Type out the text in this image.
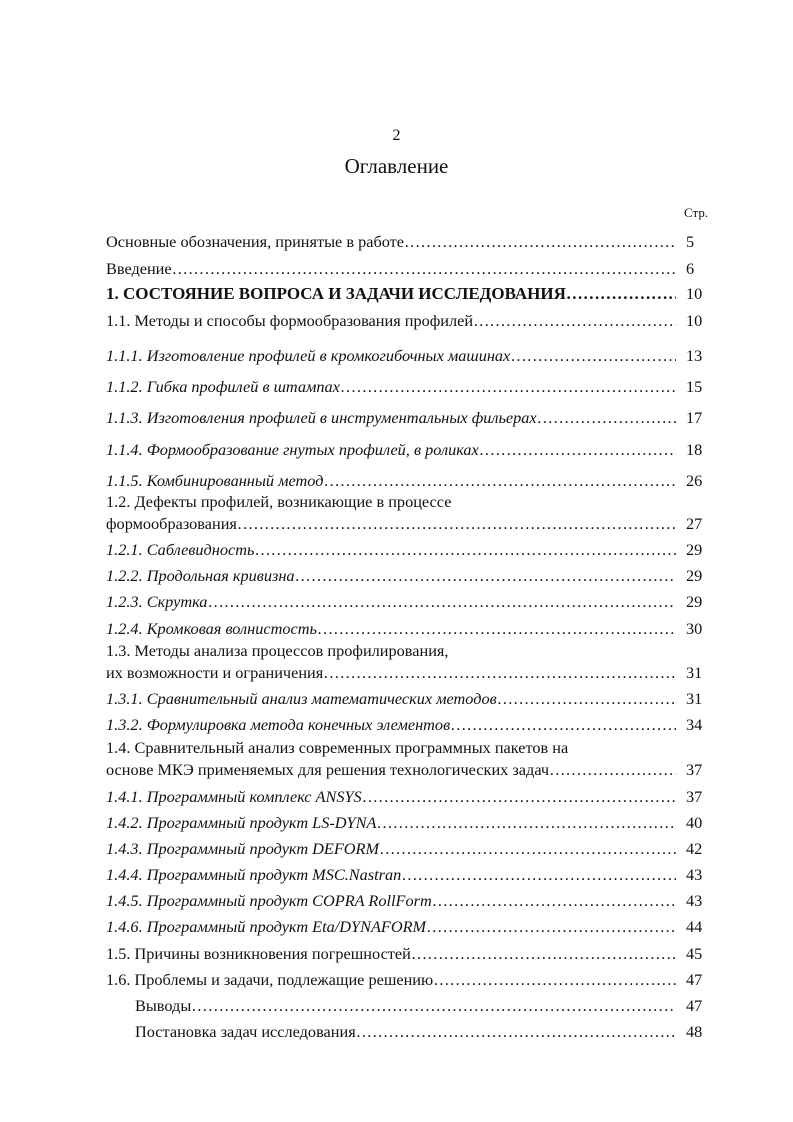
2
Оглавление
Стр.
Основные обозначения, принятые в работе ……………………………………………………………………………………………………………………………………………………………………………	5
Введение ……………………………………………………………………………………………………………………………………………………………………………	6
1. СОСТОЯНИЕ ВОПРОСА И ЗАДАЧИ ИССЛЕДОВАНИЯ ……………………………………………………………………………………………………………………………………………………………………………	10
1.1. Методы и способы формообразования профилей ……………………………………………………………………………………………………………………………………………………………………………	10
1.1.1. Изготовление профилей в кромкогибочных машинах ……………………………………………………………………………………………………………………………………………………………………………	13
1.1.2. Гибка профилей в штампах ……………………………………………………………………………………………………………………………………………………………………………	15
1.1.3. Изготовления профилей в инструментальных фильерах ……………………………………………………………………………………………………………………………………………………………………………	17
1.1.4. Формообразование гнутых профилей, в роликах ……………………………………………………………………………………………………………………………………………………………………………	18
1.1.5. Комбинированный метод ……………………………………………………………………………………………………………………………………………………………………………	26
1.2. Дефекты профилей, возникающие в процессе
формообразования ……………………………………………………………………………………………………………………………………………………………………………	27
1.2.1. Саблевидность ……………………………………………………………………………………………………………………………………………………………………………	29
1.2.2. Продольная кривизна ……………………………………………………………………………………………………………………………………………………………………………	29
1.2.3. Скрутка ……………………………………………………………………………………………………………………………………………………………………………	29
1.2.4. Кромковая волнистость ……………………………………………………………………………………………………………………………………………………………………………	30
1.3. Методы анализа процессов профилирования,
их возможности и ограничения ……………………………………………………………………………………………………………………………………………………………………………	31
1.3.1. Сравнительный анализ математических методов ……………………………………………………………………………………………………………………………………………………………………………	31
1.3.2. Формулировка метода конечных элементов ……………………………………………………………………………………………………………………………………………………………………………	34
1.4. Сравнительный анализ современных программных пакетов на
основе МКЭ применяемых для решения технологических задач ……………………………………………………………………………………………………………………………………………………………………………	37
1.4.1. Программный комплекс ANSYS ……………………………………………………………………………………………………………………………………………………………………………	37
1.4.2. Программный продукт LS-DYNA ……………………………………………………………………………………………………………………………………………………………………………	40
1.4.3. Программный продукт DEFORM ……………………………………………………………………………………………………………………………………………………………………………	42
1.4.4. Программный продукт MSC.Nastran ……………………………………………………………………………………………………………………………………………………………………………	43
1.4.5. Программный продукт COPRA RollForm ……………………………………………………………………………………………………………………………………………………………………………	43
1.4.6. Программный продукт Eta/DYNAFORM ……………………………………………………………………………………………………………………………………………………………………………	44
1.5. Причины возникновения погрешностей ……………………………………………………………………………………………………………………………………………………………………………	45
1.6. Проблемы и задачи, подлежащие решению ……………………………………………………………………………………………………………………………………………………………………………	47
Выводы ……………………………………………………………………………………………………………………………………………………………………………	47
Постановка задач исследования ……………………………………………………………………………………………………………………………………………………………………………	48
